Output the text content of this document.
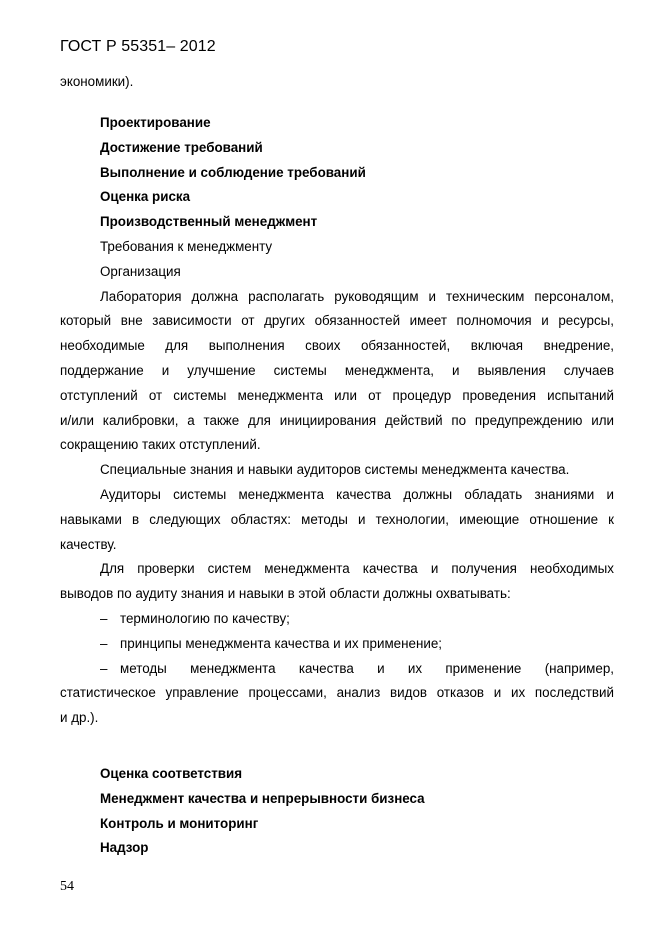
ГОСТ Р 55351– 2012
экономики).
Проектирование
Достижение требований
Выполнение и соблюдение требований
Оценка риска
Производственный менеджмент
Требования к менеджменту
Организация
Лаборатория должна располагать руководящим и техническим персоналом,
который вне зависимости от других обязанностей имеет полномочия и ресурсы,
необходимые для выполнения своих обязанностей, включая внедрение,
поддержание и улучшение системы менеджмента, и выявления случаев
отступлений от системы менеджмента или от процедур проведения испытаний
и/или калибровки, а также для инициирования действий по предупреждению или
сокращению таких отступлений.
Специальные знания и навыки аудиторов системы менеджмента качества.
Аудиторы системы менеджмента качества должны обладать знаниями и
навыками в следующих областях: методы и технологии, имеющие отношение к
качеству.
Для проверки систем менеджмента качества и получения необходимых
выводов по аудиту знания и навыки в этой области должны охватывать:
– терминологию по качеству;
– принципы менеджмента качества и их применение;
– методы менеджмента качества и их применение (например,
статистическое управление процессами, анализ видов отказов и их последствий
и др.).
Оценка соответствия
Менеджмент качества и непрерывности бизнеса
Контроль и мониторинг
Надзор
54
